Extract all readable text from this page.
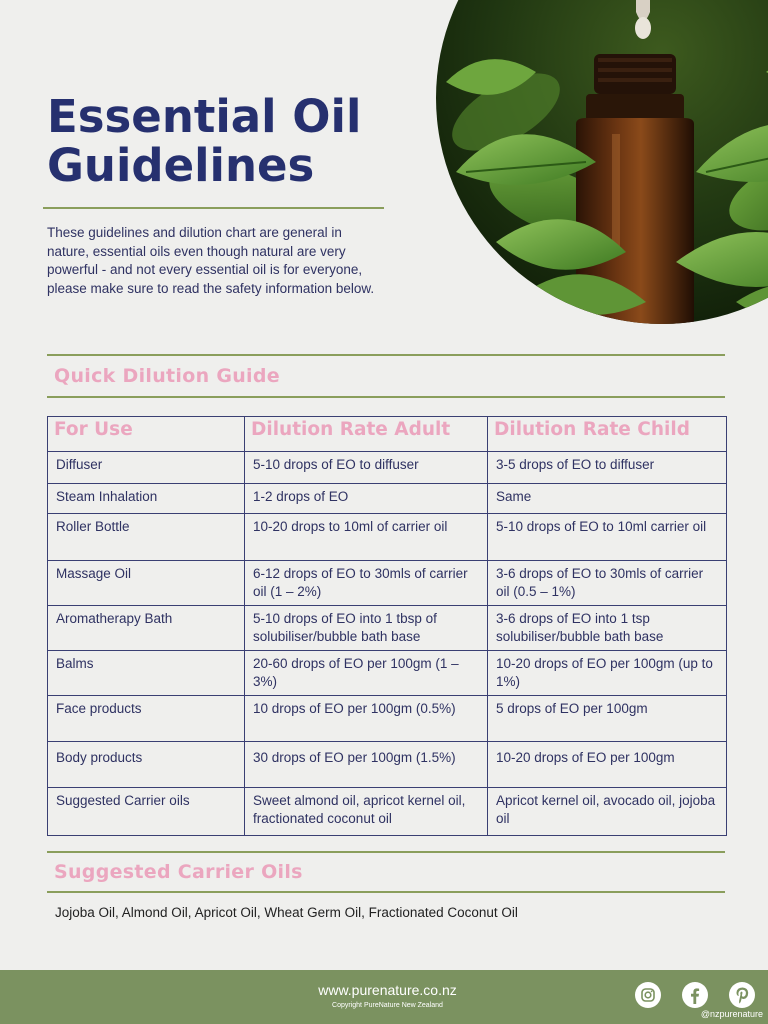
Essential Oil
Guidelines

These guidelines and dilution chart are general in nature, essential oils even though natural are very powerful - and not every essential oil is for everyone, please make sure to read the safety information below.

Quick Dilution Guide
For Use	Dilution Rate Adult	Dilution Rate Child
Diffuser	5-10 drops of EO to diffuser	3-5 drops of EO to diffuser
Steam Inhalation	1-2 drops of EO	Same
Roller Bottle	10-20 drops to 10ml of carrier oil	5-10 drops of EO to 10ml carrier oil
Massage Oil	6-12 drops of EO to 30mls of carrier oil (1 – 2%)	3-6 drops of EO to 30mls of carrier oil (0.5 – 1%)
Aromatherapy Bath	5-10 drops of EO into 1 tbsp of solubiliser/bubble bath base	3-6 drops of EO into 1 tsp solubiliser/bubble bath base
Balms	20-60 drops of EO per 100gm (1 – 3%)	10-20 drops of EO per 100gm (up to 1%)
Face products	10 drops of EO per 100gm (0.5%)	5 drops of EO per 100gm
Body products	30 drops of EO per 100gm (1.5%)	10-20 drops of EO per 100gm
Suggested Carrier oils	Sweet almond oil, apricot kernel oil, fractionated coconut oil	Apricot kernel oil, avocado oil, jojoba oil
Suggested Carrier Oils
Jojoba Oil, Almond Oil, Apricot Oil, Wheat Germ Oil, Fractionated Coconut Oil
www.purenature.co.nz
Copyright PureNature New Zealand
@nzpurenature
